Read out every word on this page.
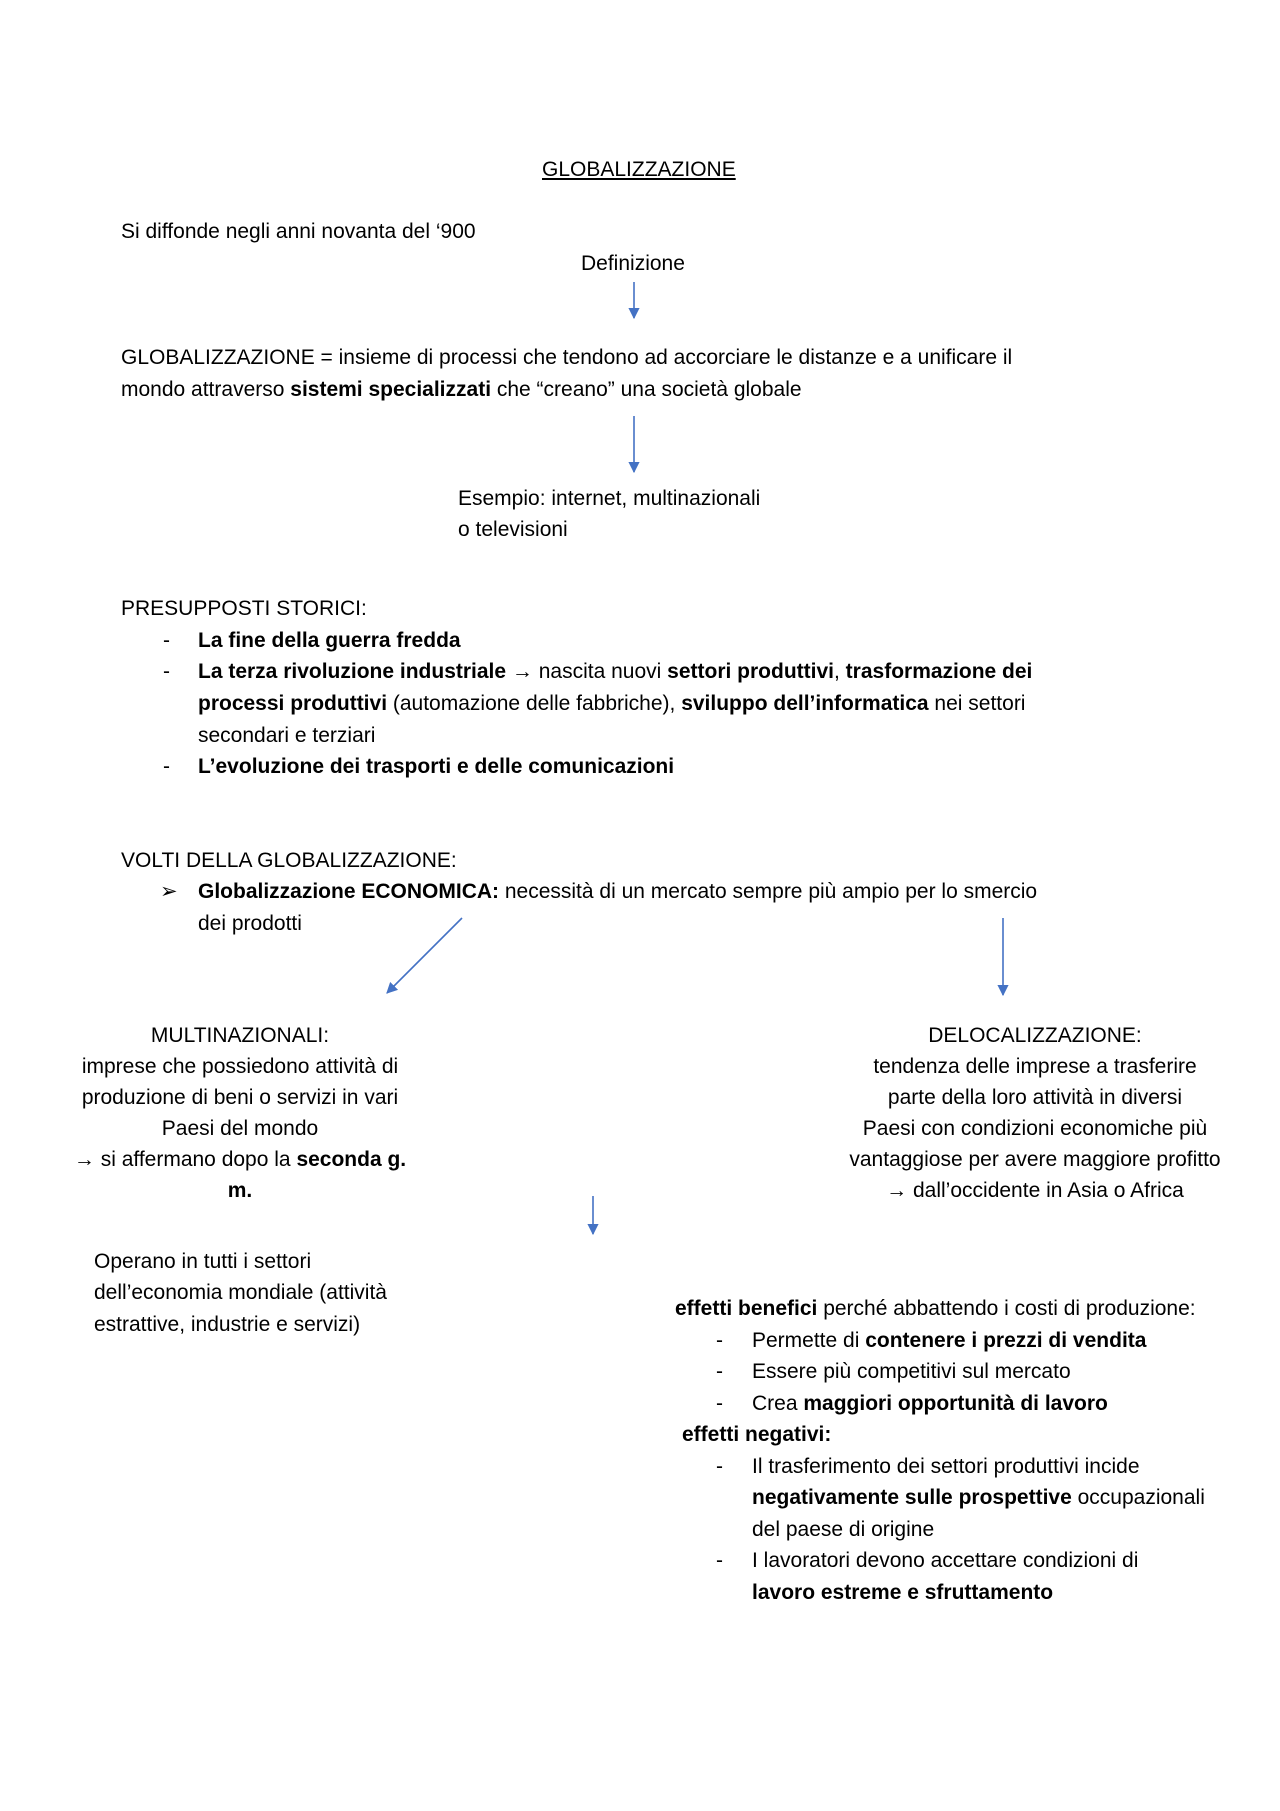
GLOBALIZZAZIONE
Si diffonde negli anni novanta del ‘900
Definizione
GLOBALIZZAZIONE = insieme di processi che tendono ad accorciare le distanze e a unificare il
mondo attraverso sistemi specializzati che “creano” una società globale
Esempio: internet, multinazionali
o televisioni
PRESUPPOSTI STORICI:
- La fine della guerra fredda
- La terza rivoluzione industriale → nascita nuovi settori produttivi, trasformazione dei
processi produttivi (automazione delle fabbriche), sviluppo dell’informatica nei settori
secondari e terziari
- L’evoluzione dei trasporti e delle comunicazioni
VOLTI DELLA GLOBALIZZAZIONE:
➢ Globalizzazione ECONOMICA: necessità di un mercato sempre più ampio per lo smercio
dei prodotti
MULTINAZIONALI:
imprese che possiedono attività di
produzione di beni o servizi in vari
Paesi del mondo
→ si affermano dopo la seconda g.
m.
Operano in tutti i settori
dell’economia mondiale (attività
estrattive, industrie e servizi)
DELOCALIZZAZIONE:
tendenza delle imprese a trasferire
parte della loro attività in diversi
Paesi con condizioni economiche più
vantaggiose per avere maggiore profitto
→ dall’occidente in Asia o Africa
effetti benefici perché abbattendo i costi di produzione:
- Permette di contenere i prezzi di vendita
- Essere più competitivi sul mercato
- Crea maggiori opportunità di lavoro
effetti negativi:
- Il trasferimento dei settori produttivi incide
negativamente sulle prospettive occupazionali
del paese di origine
- I lavoratori devono accettare condizioni di
lavoro estreme e sfruttamento
